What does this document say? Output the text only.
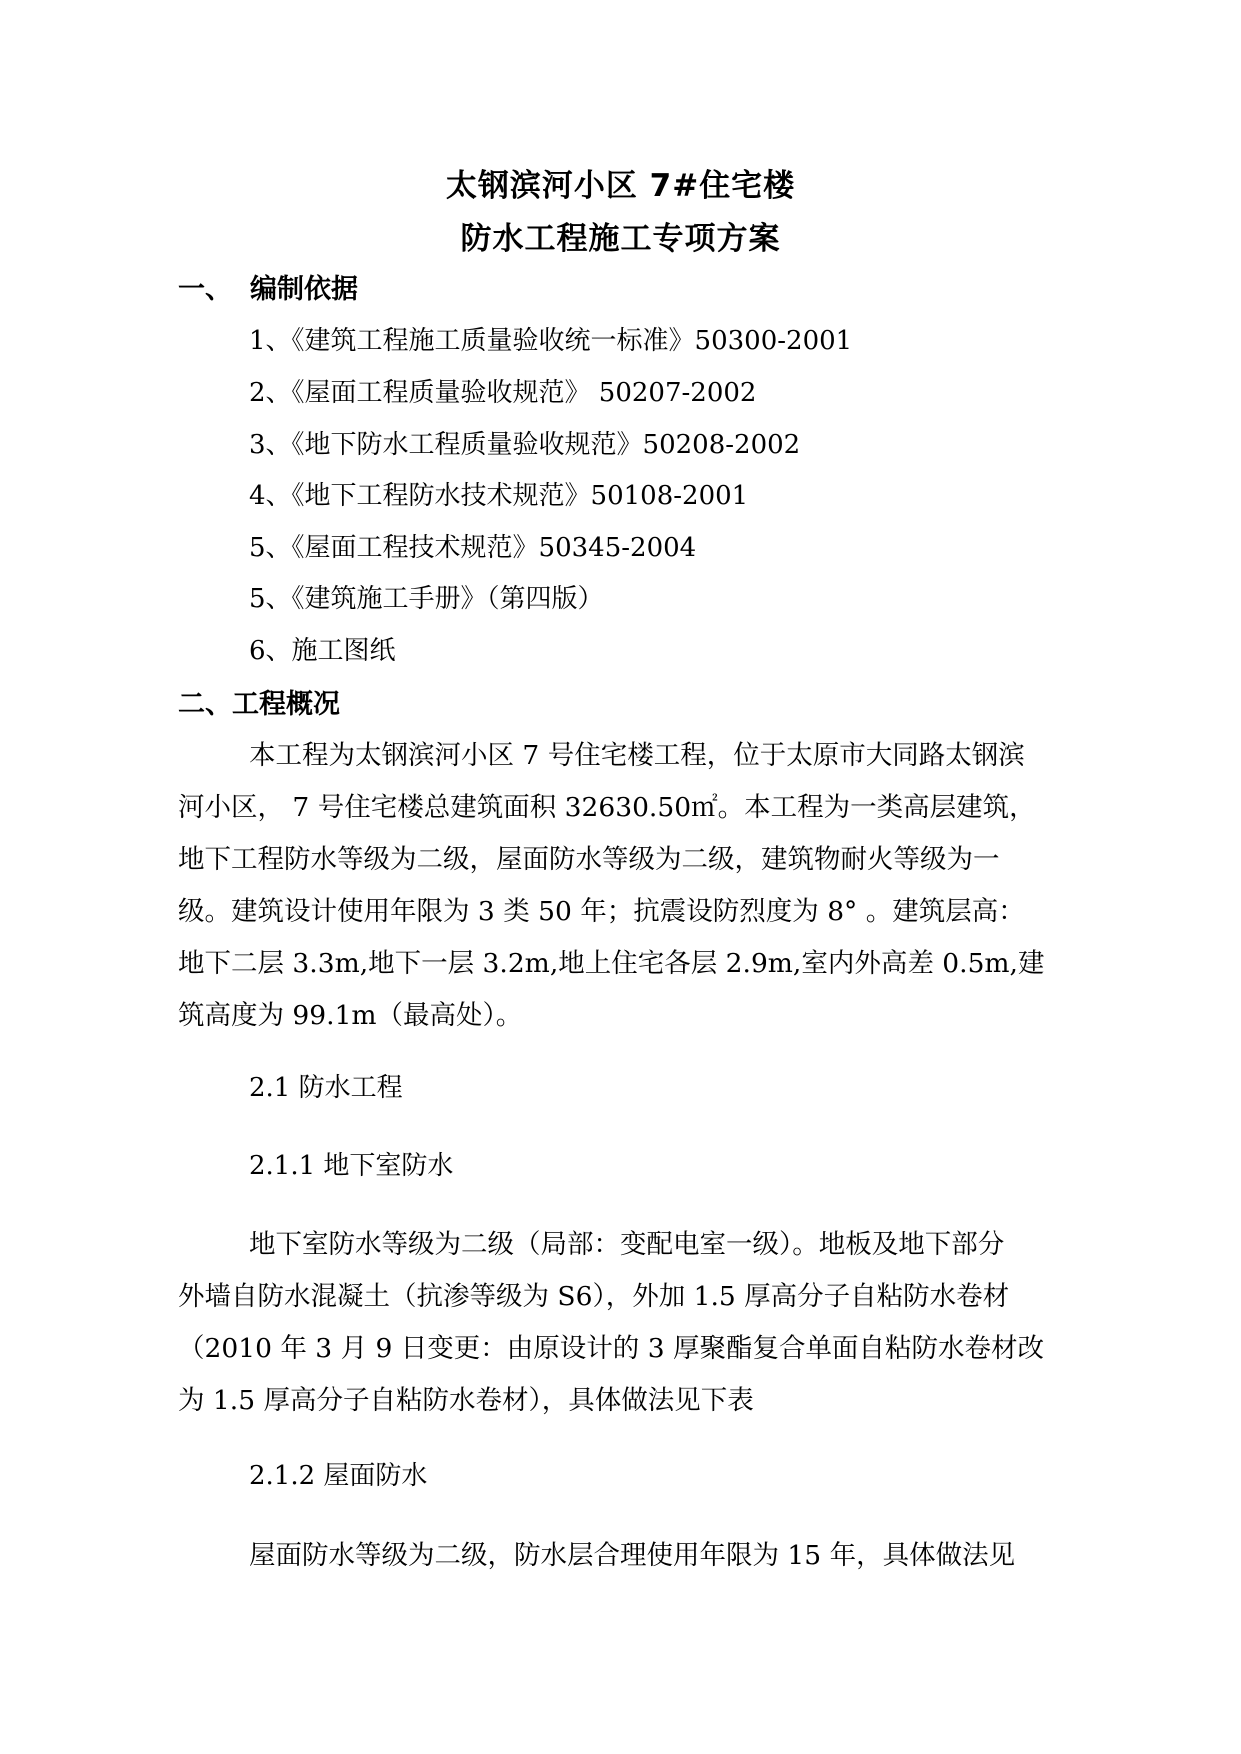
太钢滨河小区 7#住宅楼
防水工程施工专项方案
一、 编制依据
1、《建筑工程施工质量验收统一标准》50300-2001
2、《屋面工程质量验收规范》 50207-2002
3、《地下防水工程质量验收规范》50208-2002
4、《地下工程防水技术规范》50108-2001
5、《屋面工程技术规范》50345-2004
5、《建筑施工手册》（第四版）
6、施工图纸
二、工程概况
本工程为太钢滨河小区 7 号住宅楼工程，位于太原市大同路太钢滨
河小区， 7 号住宅楼总建筑面积 32630.50㎡。本工程为一类高层建筑，
地下工程防水等级为二级，屋面防水等级为二级，建筑物耐火等级为一
级。建筑设计使用年限为 3 类 50 年；抗震设防烈度为 8° 。建筑层高：
地下二层 3.3m,地下一层 3.2m,地上住宅各层 2.9m,室内外高差 0.5m,建
筑高度为 99.1m（最高处）。
2.1 防水工程
2.1.1 地下室防水
地下室防水等级为二级（局部：变配电室一级）。地板及地下部分
外墙自防水混凝土（抗渗等级为 S6），外加 1.5 厚高分子自粘防水卷材
（2010 年 3 月 9 日变更：由原设计的 3 厚聚酯复合单面自粘防水卷材改
为 1.5 厚高分子自粘防水卷材），具体做法见下表
2.1.2 屋面防水
屋面防水等级为二级，防水层合理使用年限为 15 年，具体做法见
